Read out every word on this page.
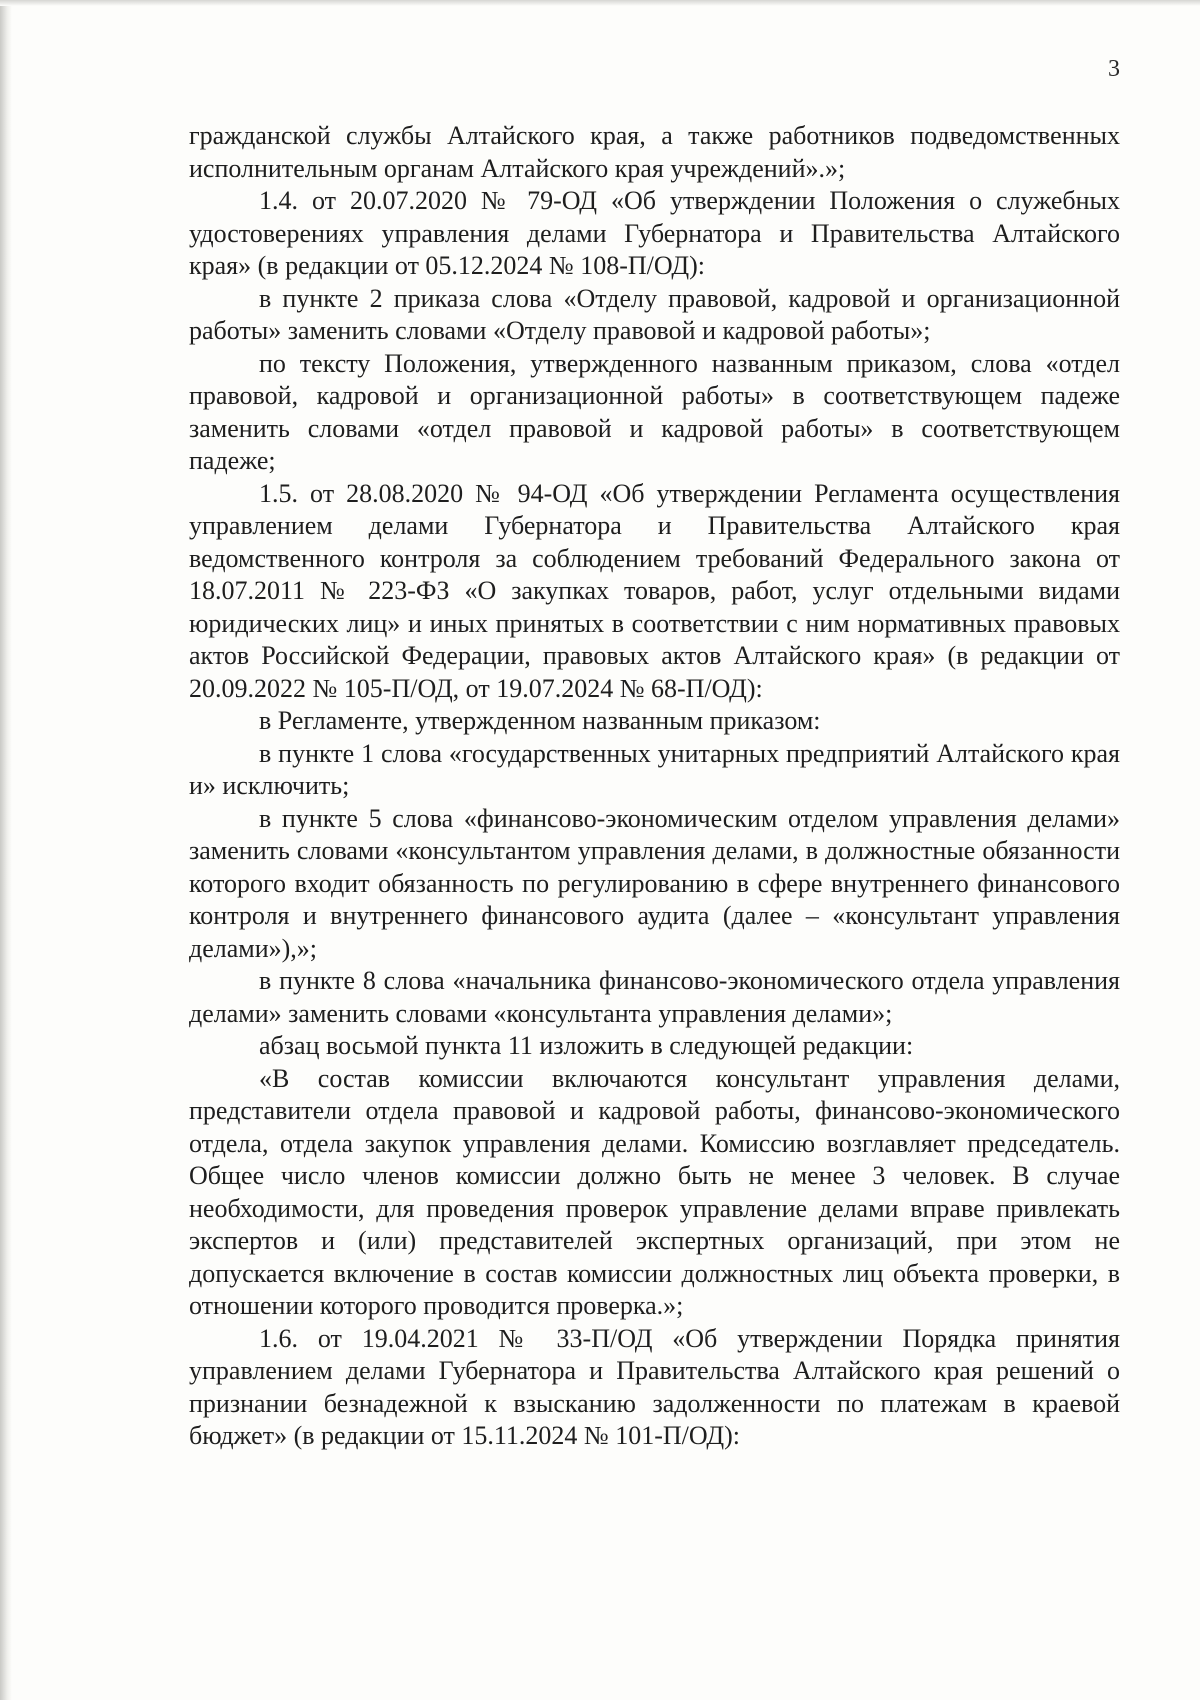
3

гражданской службы Алтайского края, а также работников подведомственных исполнительным органам Алтайского края учреждений».»;

1.4. от 20.07.2020 № 79-ОД «Об утверждении Положения о служебных удостоверениях управления делами Губернатора и Правительства Алтайского края» (в редакции от 05.12.2024 № 108-П/ОД):

в пункте 2 приказа слова «Отделу правовой, кадровой и организационной работы» заменить словами «Отделу правовой и кадровой работы»;

по тексту Положения, утвержденного названным приказом, слова «отдел правовой, кадровой и организационной работы» в соответствующем падеже заменить словами «отдел правовой и кадровой работы» в соответствующем падеже;

1.5. от 28.08.2020 № 94-ОД «Об утверждении Регламента осуществления управлением делами Губернатора и Правительства Алтайского края ведомственного контроля за соблюдением требований Федерального закона от 18.07.2011 № 223-ФЗ «О закупках товаров, работ, услуг отдельными видами юридических лиц» и иных принятых в соответствии с ним нормативных правовых актов Российской Федерации, правовых актов Алтайского края» (в редакции от 20.09.2022 № 105-П/ОД, от 19.07.2024 № 68-П/ОД):

в Регламенте, утвержденном названным приказом:

в пункте 1 слова «государственных унитарных предприятий Алтайского края и» исключить;

в пункте 5 слова «финансово-экономическим отделом управления делами» заменить словами «консультантом управления делами, в должностные обязанности которого входит обязанность по регулированию в сфере внутреннего финансового контроля и внутреннего финансового аудита (далее – «консультант управления делами»),»;

в пункте 8 слова «начальника финансово-экономического отдела управления делами» заменить словами «консультанта управления делами»;

абзац восьмой пункта 11 изложить в следующей редакции:

«В состав комиссии включаются консультант управления делами, представители отдела правовой и кадровой работы, финансово-экономического отдела, отдела закупок управления делами. Комиссию возглавляет председатель. Общее число членов комиссии должно быть не менее 3 человек. В случае необходимости, для проведения проверок управление делами вправе привлекать экспертов и (или) представителей экспертных организаций, при этом не допускается включение в состав комиссии должностных лиц объекта проверки, в отношении которого проводится проверка.»;

1.6. от 19.04.2021 № 33-П/ОД «Об утверждении Порядка принятия управлением делами Губернатора и Правительства Алтайского края решений о признании безнадежной к взысканию задолженности по платежам в краевой бюджет» (в редакции от 15.11.2024 № 101-П/ОД):
